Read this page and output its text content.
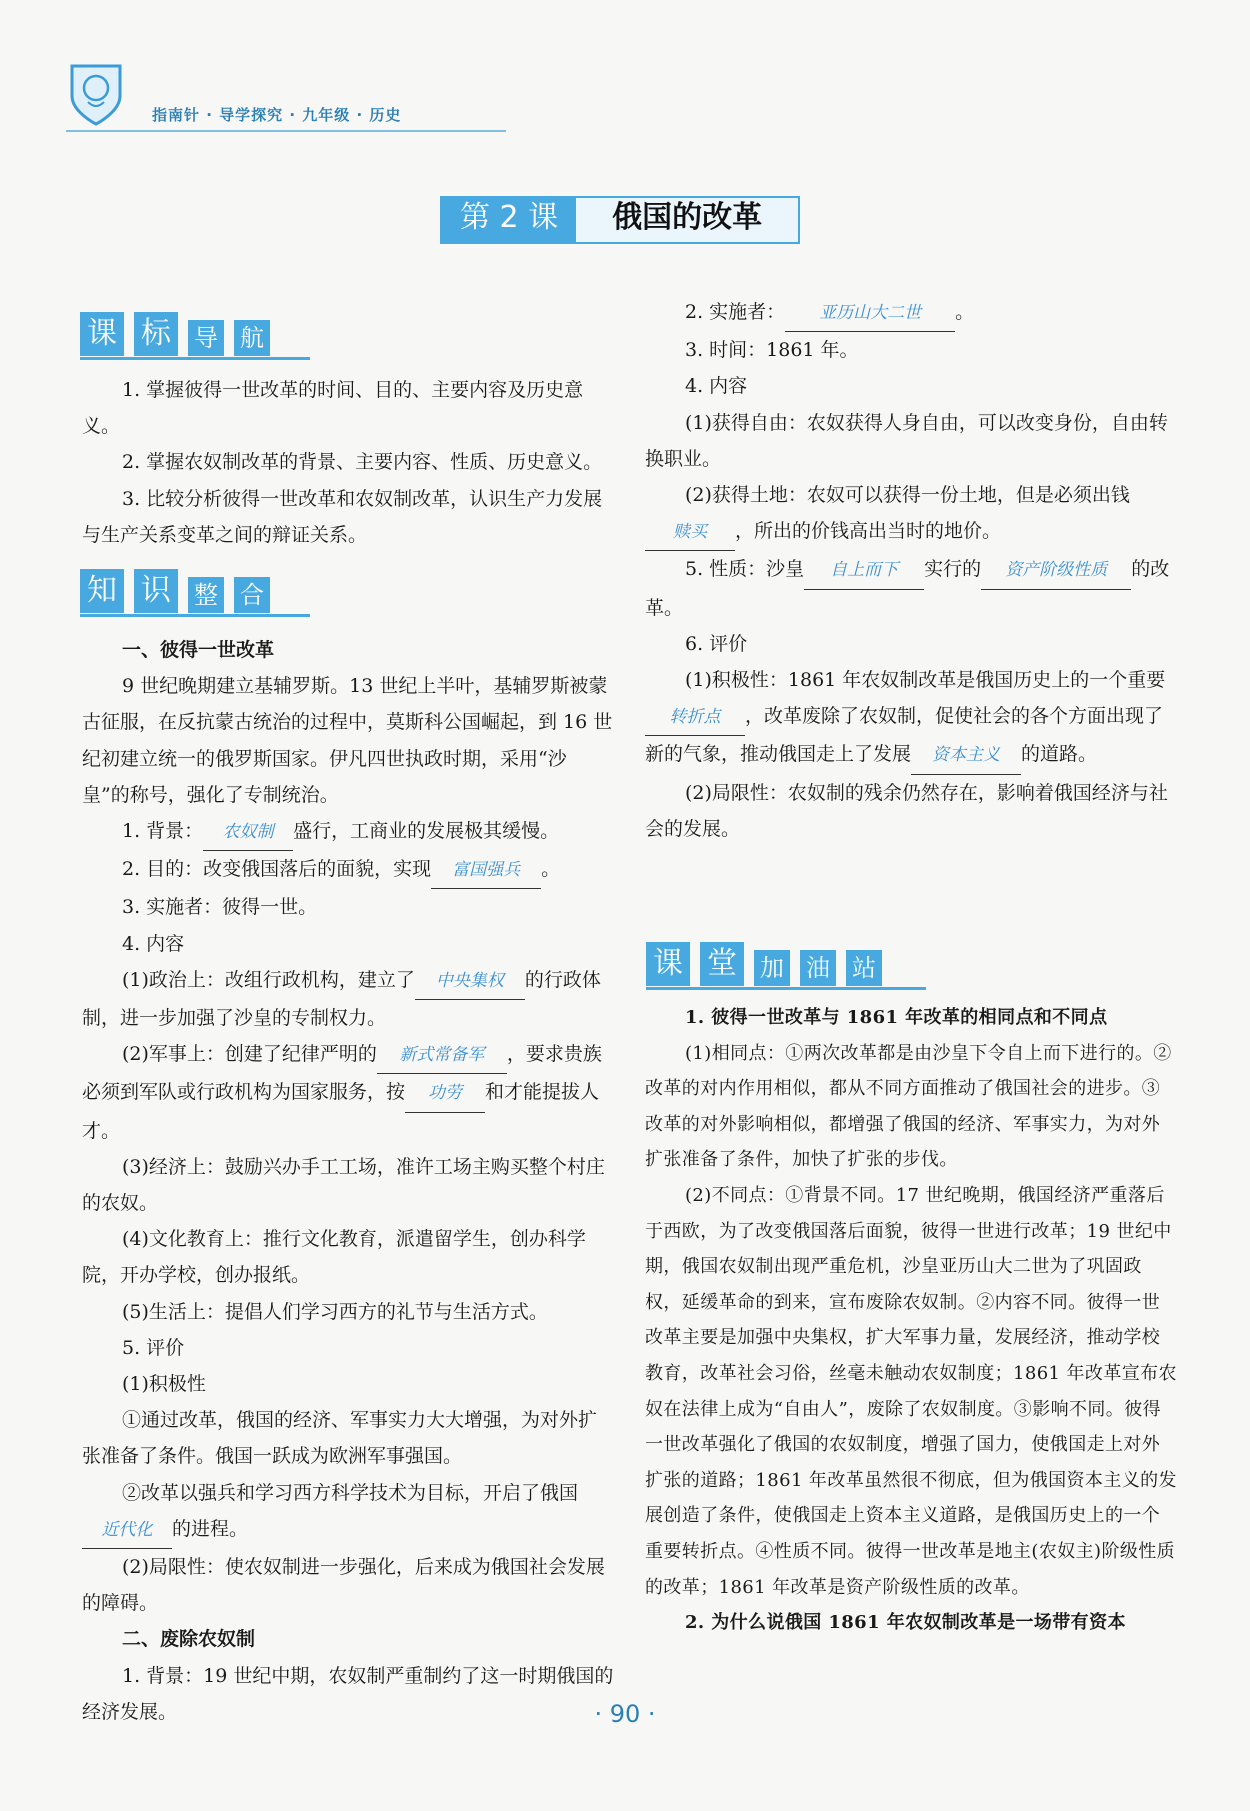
指南针 · 导学探究 · 九年级 · 历史
第 2 课	俄国的改革
课 标 导 航

1. 掌握彼得一世改革的时间、目的、主要内容及历史意义。

2. 掌握农奴制改革的背景、主要内容、性质、历史意义。

3. 比较分析彼得一世改革和农奴制改革，认识生产力发展与生产关系变革之间的辩证关系。

知 识 整 合

一、彼得一世改革

9 世纪晚期建立基辅罗斯。13 世纪上半叶，基辅罗斯被蒙古征服，在反抗蒙古统治的过程中，莫斯科公国崛起，到 16 世纪初建立统一的俄罗斯国家。伊凡四世执政时期，采用“沙皇”的称号，强化了专制统治。

1. 背景： 农奴制 盛行，工商业的发展极其缓慢。

2. 目的：改变俄国落后的面貌，实现 富国强兵 。

3. 实施者：彼得一世。

4. 内容

(1)政治上：改组行政机构，建立了 中央集权 的行政体制，进一步加强了沙皇的专制权力。

(2)军事上：创建了纪律严明的 新式常备军 ，要求贵族必须到军队或行政机构为国家服务，按 功劳 和才能提拔人才。

(3)经济上：鼓励兴办手工工场，准许工场主购买整个村庄的农奴。

(4)文化教育上：推行文化教育，派遣留学生，创办科学院，开办学校，创办报纸。

(5)生活上：提倡人们学习西方的礼节与生活方式。

5. 评价

(1)积极性

①通过改革，俄国的经济、军事实力大大增强，为对外扩张准备了条件。俄国一跃成为欧洲军事强国。

②改革以强兵和学习西方科学技术为目标，开启了俄国近代化 的进程。

(2)局限性：使农奴制进一步强化，后来成为俄国社会发展的障碍。

二、废除农奴制

1. 背景：19 世纪中期，农奴制严重制约了这一时期俄国的经济发展。

2. 实施者： 亚历山大二世 。

3. 时间：1861 年。

4. 内容

(1)获得自由：农奴获得人身自由，可以改变身份，自由转换职业。

(2)获得土地：农奴可以获得一份土地，但是必须出钱赎买 ，所出的价钱高出当时的地价。

5. 性质：沙皇 自上而下 实行的 资产阶级性质 的改革。

6. 评价

(1)积极性：1861 年农奴制改革是俄国历史上的一个重要转折点 ，改革废除了农奴制，促使社会的各个方面出现了新的气象，推动俄国走上了发展 资本主义 的道路。

(2)局限性：农奴制的残余仍然存在，影响着俄国经济与社会的发展。

课 堂 加 油 站

1. 彼得一世改革与 1861 年改革的相同点和不同点

(1)相同点：①两次改革都是由沙皇下令自上而下进行的。②改革的对内作用相似，都从不同方面推动了俄国社会的进步。③改革的对外影响相似，都增强了俄国的经济、军事实力，为对外扩张准备了条件，加快了扩张的步伐。

(2)不同点：①背景不同。17 世纪晚期，俄国经济严重落后于西欧，为了改变俄国落后面貌，彼得一世进行改革；19 世纪中期，俄国农奴制出现严重危机，沙皇亚历山大二世为了巩固政权，延缓革命的到来，宣布废除农奴制。②内容不同。彼得一世改革主要是加强中央集权，扩大军事力量，发展经济，推动学校教育，改革社会习俗，丝毫未触动农奴制度；1861 年改革宣布农奴在法律上成为“自由人”，废除了农奴制度。③影响不同。彼得一世改革强化了俄国的农奴制度，增强了国力，使俄国走上对外扩张的道路；1861 年改革虽然很不彻底，但为俄国资本主义的发展创造了条件，使俄国走上资本主义道路，是俄国历史上的一个重要转折点。④性质不同。彼得一世改革是地主(农奴主)阶级性质的改革；1861 年改革是资产阶级性质的改革。

2. 为什么说俄国 1861 年农奴制改革是一场带有资本

· 90 ·
